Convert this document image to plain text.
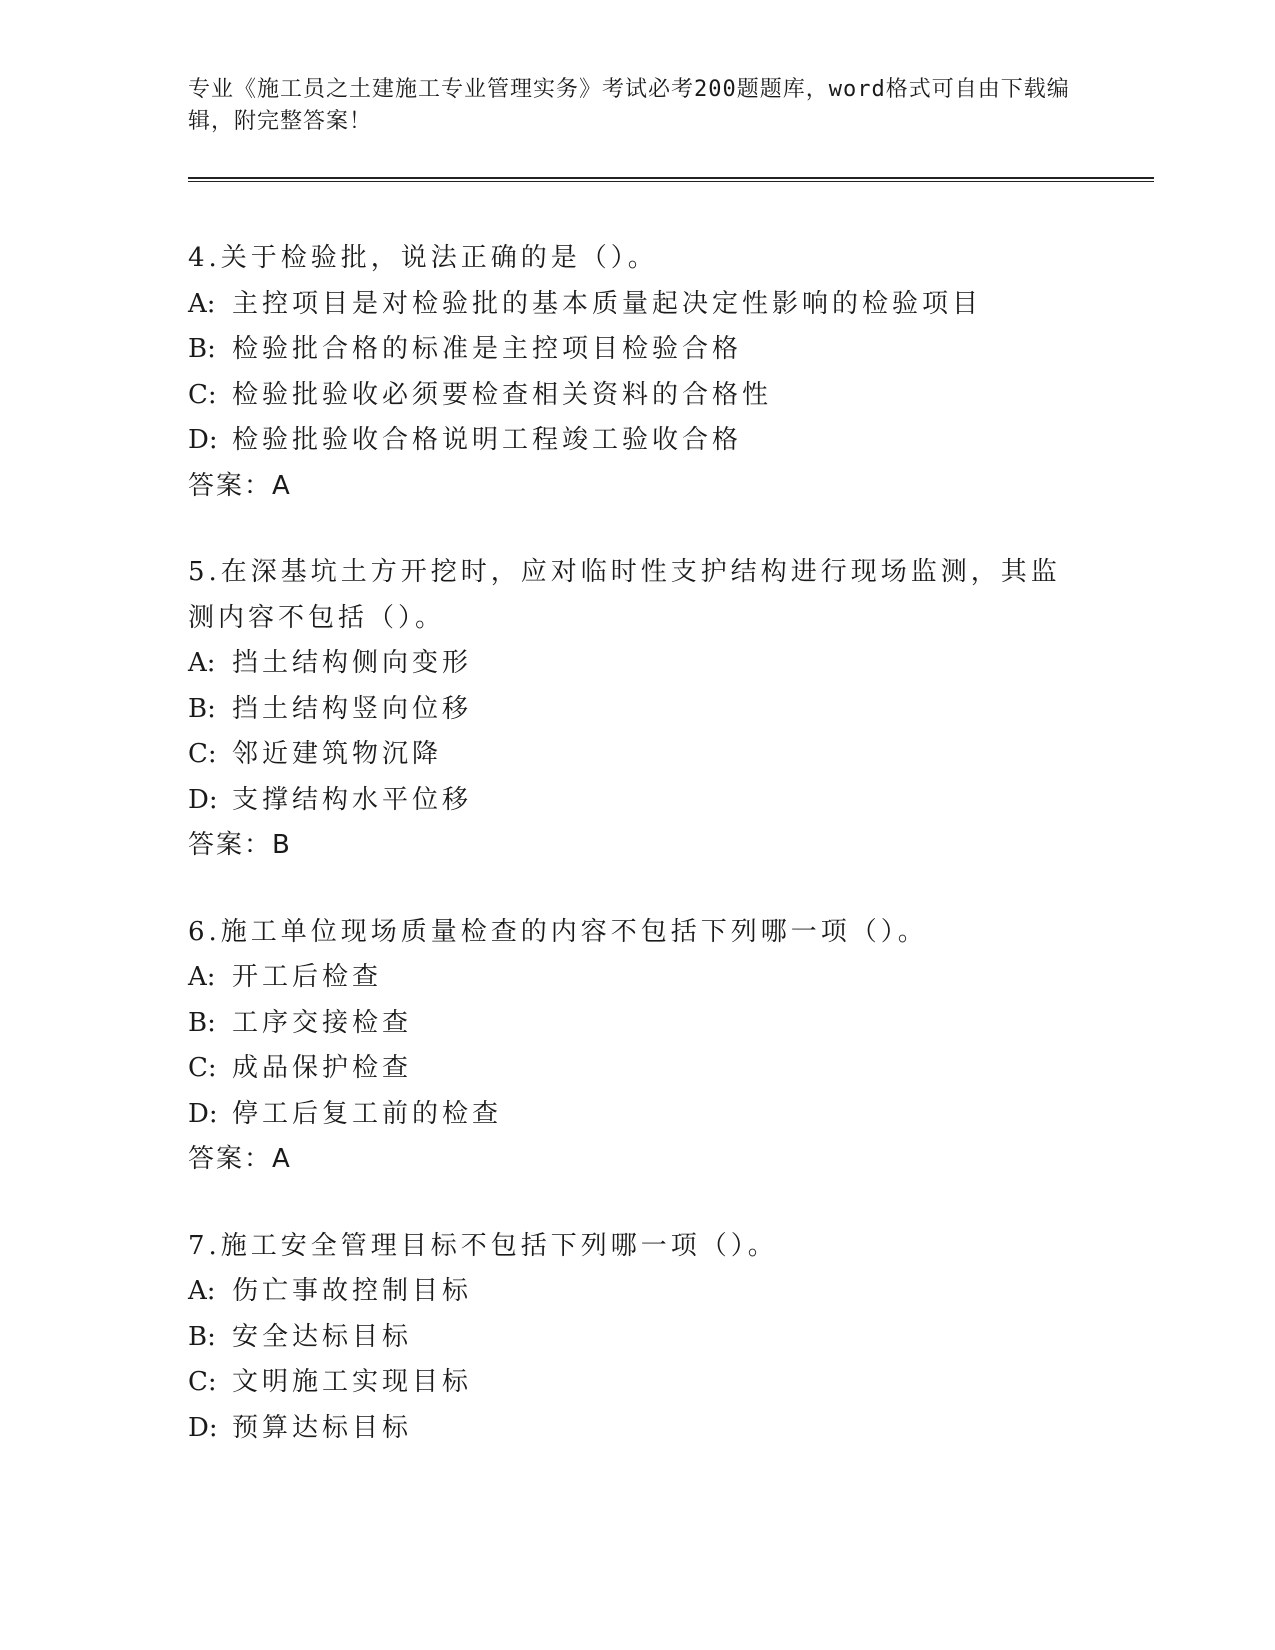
专业《施工员之土建施工专业管理实务》考试必考200题题库，word格式可自由下载编辑，附完整答案！

4.关于检验批，说法正确的是（）。

A: 主控项目是对检验批的基本质量起决定性影响的检验项目

B: 检验批合格的标准是主控项目检验合格

C: 检验批验收必须要检查相关资料的合格性

D: 检验批验收合格说明工程竣工验收合格

答案：A

5.在深基坑土方开挖时，应对临时性支护结构进行现场监测，其监测内容不包括（）。

A: 挡土结构侧向变形

B: 挡土结构竖向位移

C: 邻近建筑物沉降

D: 支撑结构水平位移

答案：B

6.施工单位现场质量检查的内容不包括下列哪一项（）。

A: 开工后检查

B: 工序交接检查

C: 成品保护检查

D: 停工后复工前的检查

答案：A

7.施工安全管理目标不包括下列哪一项（）。

A: 伤亡事故控制目标

B: 安全达标目标

C: 文明施工实现目标

D: 预算达标目标
